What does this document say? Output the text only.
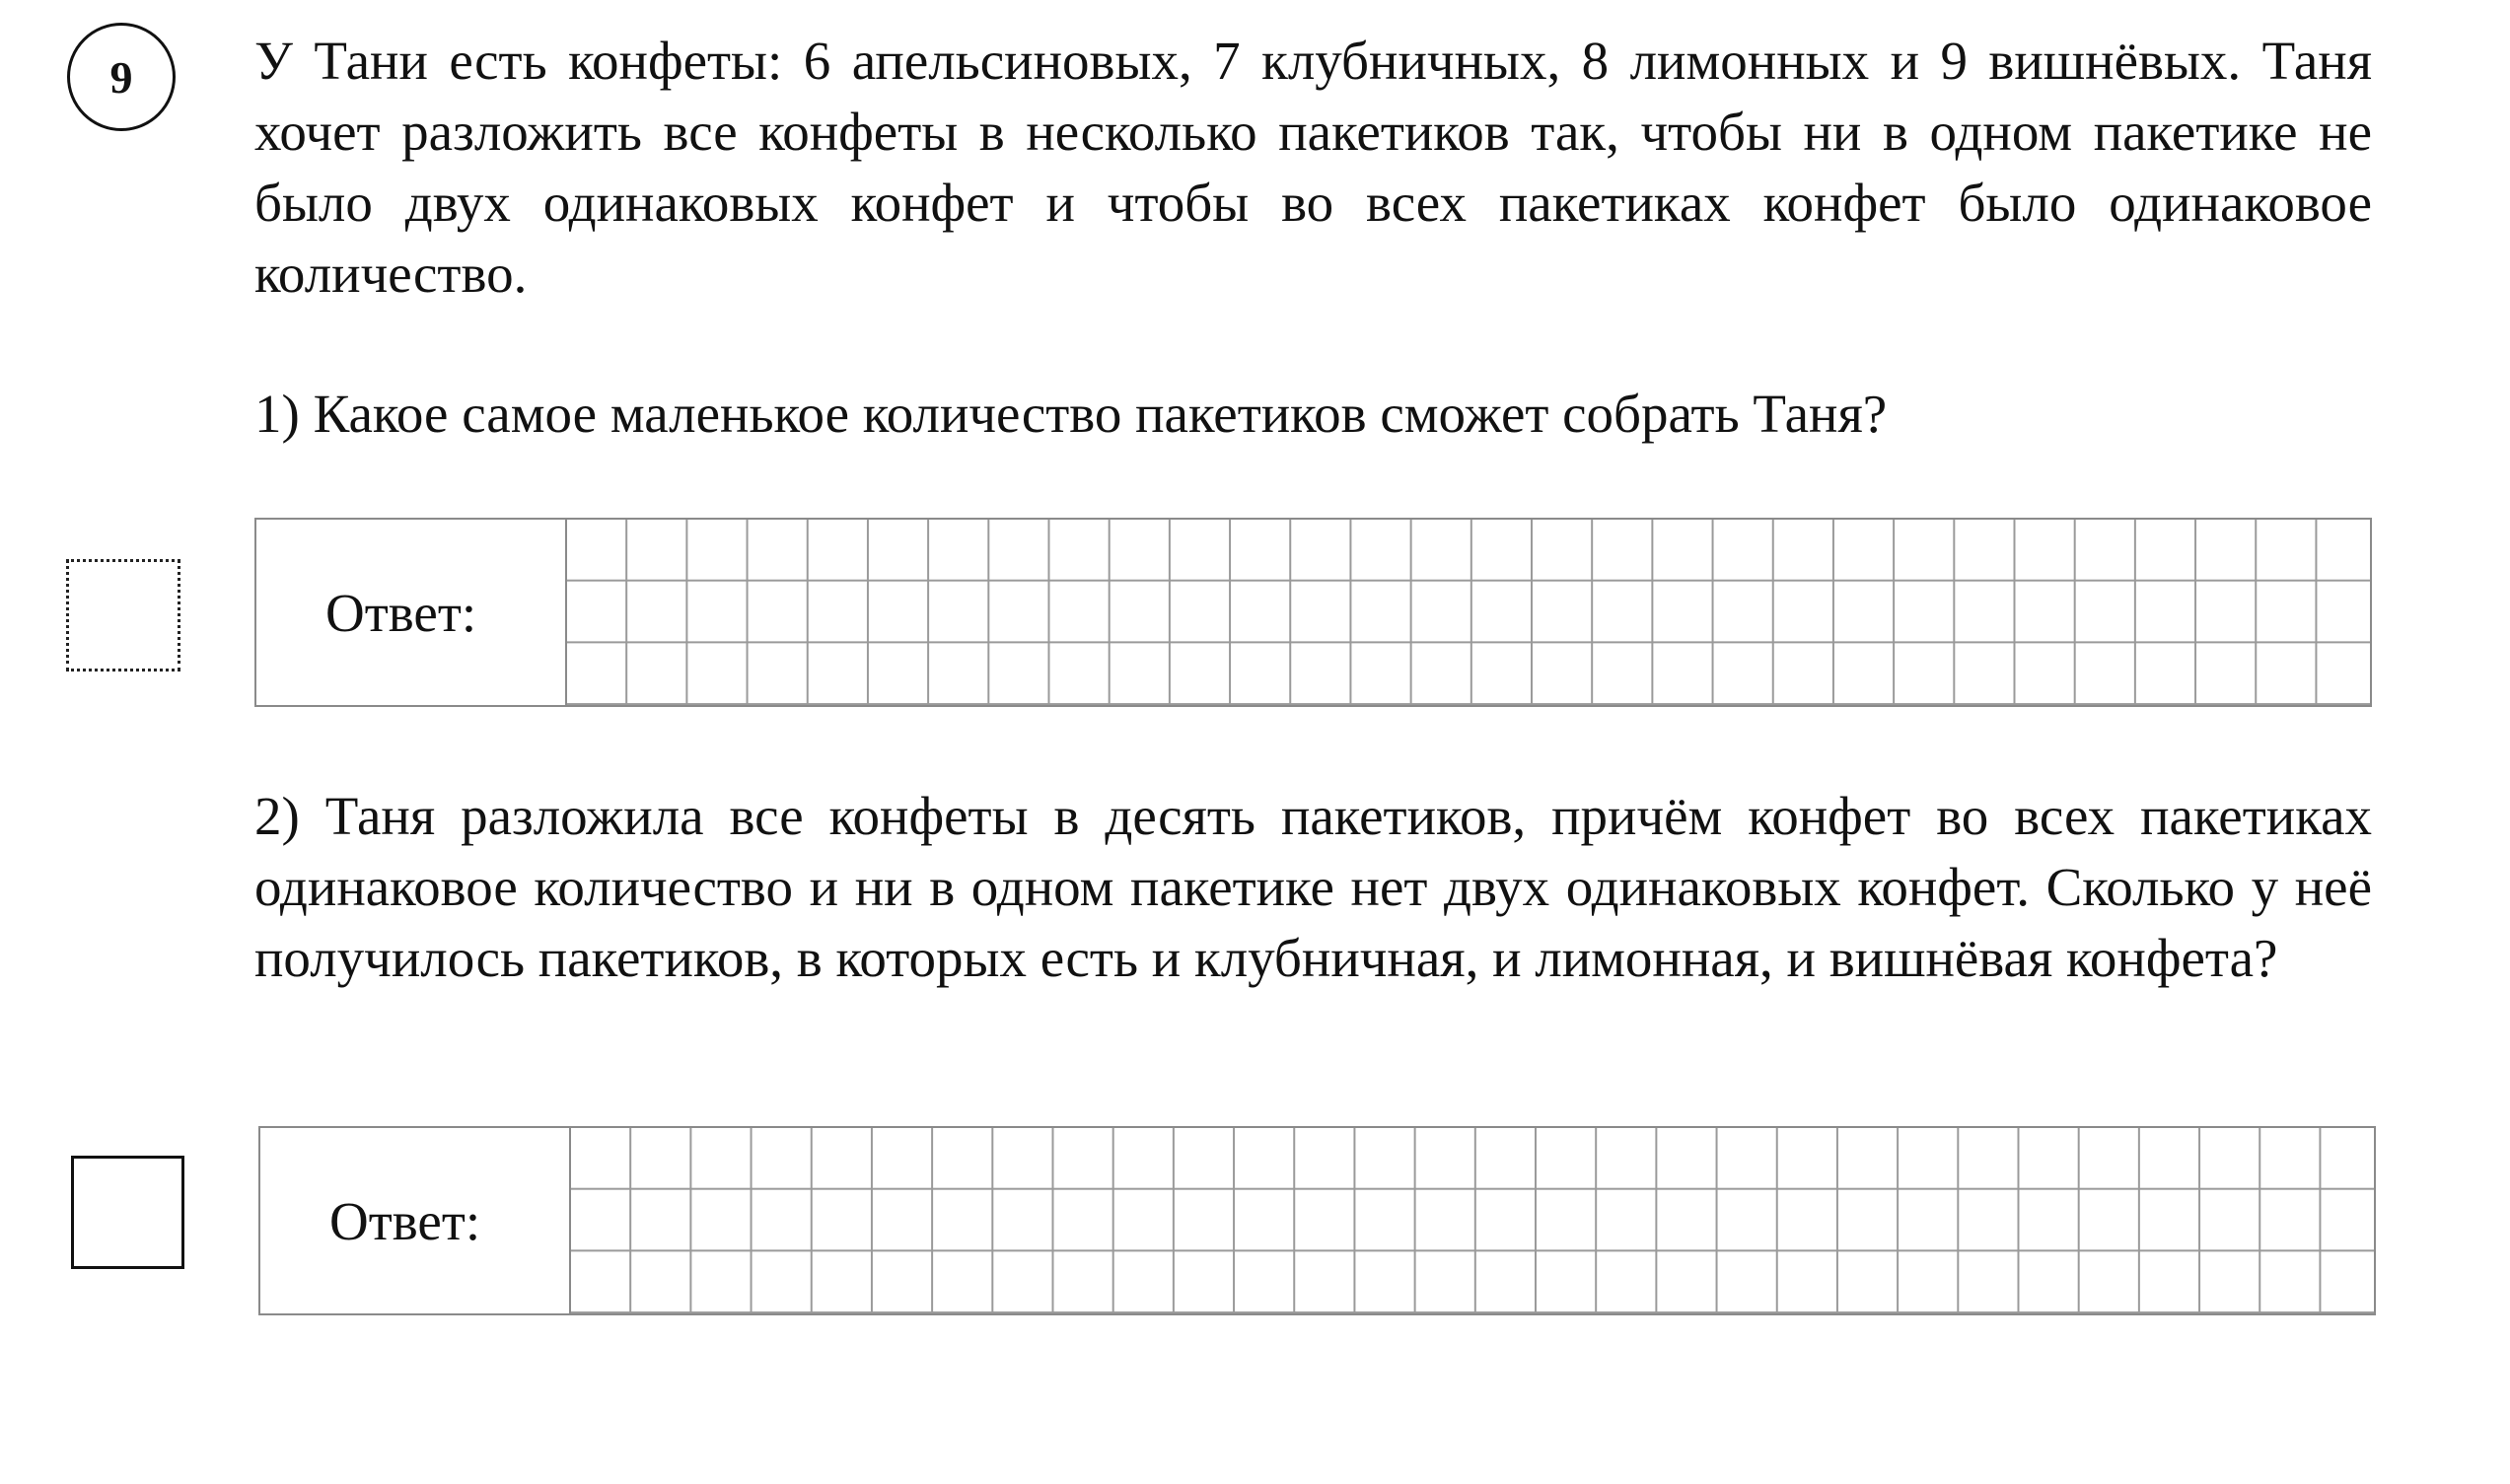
9 У Тани есть конфеты: 6 апельсиновых, 7 клубничных, 8 лимонных и 9 вишнёвых. Таня хочет разложить все конфеты в несколько пакетиков так, чтобы ни в одном пакетике не было двух одинаковых конфет и чтобы во всех пакетиках конфет было одинаковое количество.

1) Какое самое маленькое количество пакетиков сможет собрать Таня?

Ответ:

2) Таня разложила все конфеты в десять пакетиков, причём конфет во всех пакетиках одинаковое количество и ни в одном пакетике нет двух одинаковых конфет. Сколько у неё получилось пакетиков, в которых есть и клубничная, и лимонная, и вишнёвая конфета?

Ответ:
